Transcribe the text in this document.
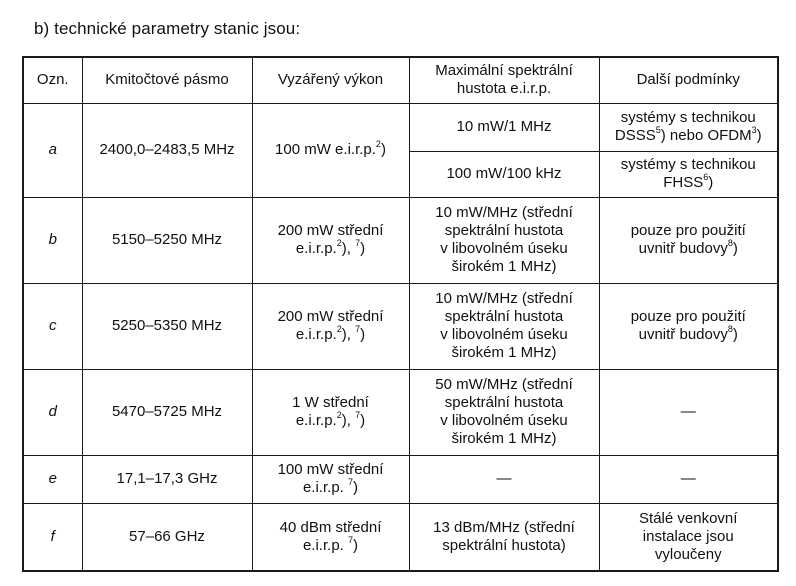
b) technické parametry stanic jsou:
Ozn.	Kmitočtové pásmo	Vyzářený výkon	Maximální spektrální
hustota e.i.r.p.	Další podmínky
a	2400,0–2483,5 MHz	100 mW e.i.r.p.$^2$)	10 mW/1 MHz	systémy s technikou
DSSS$^5$) nebo OFDM$^3$)

			100 mW/100 kHz	systémy s technikou
FHSS$^6$)

b	5150–5250 MHz	200 mW střední
e.i.r.p.$^2$), $^7$)	10 mW/MHz (střední
spektrální hustota
v libovolném úseku
širokém 1 MHz)	pouze pro použití
uvnitř budovy$^8$)

c	5250–5350 MHz	200 mW střední
e.i.r.p.$^2$), $^7$)	10 mW/MHz (střední
spektrální hustota
v libovolném úseku
širokém 1 MHz)	pouze pro použití
uvnitř budovy$^8$)

d	5470–5725 MHz	1 W střední
e.i.r.p.$^2$), $^7$)	50 mW/MHz (střední
spektrální hustota
v libovolném úseku
širokém 1 MHz)	—
e	17,1–17,3 GHz	100 mW střední
e.i.r.p. $^7$)	—	—
f	57–66 GHz	40 dBm střední
e.i.r.p. $^7$)	13 dBm/MHz (střední
spektrální hustota)	Stálé venkovní
instalace jsou
vyloučeny
